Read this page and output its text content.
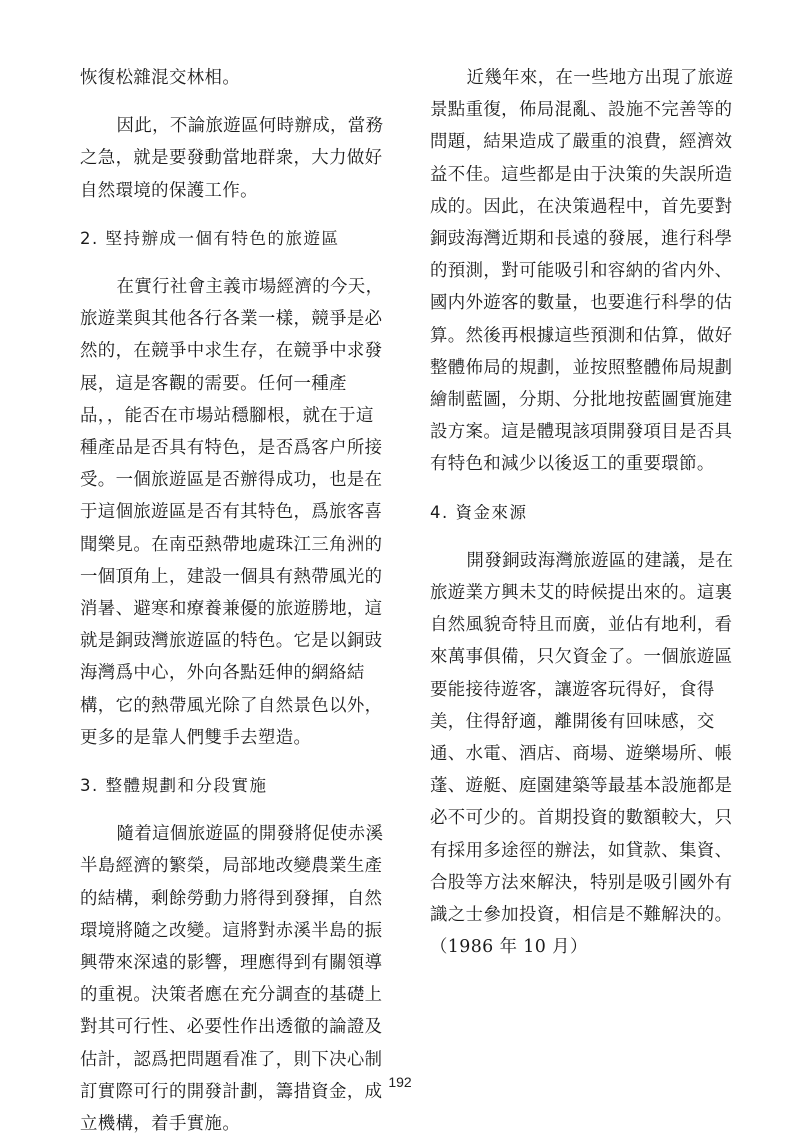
恢復松雜混交林相。

因此，不論旅遊區何時辦成，當務
之急，就是要發動當地群衆，大力做好
自然環境的保護工作。

2. 堅持辦成一個有特色的旅遊區

在實行社會主義市場經濟的今天，
旅遊業與其他各行各業一樣，競爭是必
然的，在競爭中求生存，在競爭中求發
展，這是客觀的需要。任何一種產
品，，能否在市場站穩腳根，就在于這
種產品是否具有特色，是否爲客户所接
受。一個旅遊區是否辦得成功，也是在
于這個旅遊區是否有其特色，爲旅客喜
聞樂見。在南亞熱帶地處珠江三角洲的
一個頂角上，建設一個具有熱帶風光的
消暑、避寒和療養兼優的旅遊勝地，這
就是銅豉灣旅遊區的特色。它是以銅豉
海灣爲中心，外向各點廷伸的網絡結
構，它的熱帶風光除了自然景色以外，
更多的是靠人們雙手去塑造。

3. 整體規劃和分段實施

隨着這個旅遊區的開發將促使赤溪
半島經濟的繁榮，局部地改變農業生產
的結構，剩餘勞動力將得到發揮，自然
環境將隨之改變。這將對赤溪半島的振
興帶來深遠的影響，理應得到有關領導
的重視。決策者應在充分調查的基礎上
對其可行性、必要性作出透徹的論證及
估計，認爲把問題看准了，則下决心制
訂實際可行的開發計劃，籌措資金，成
立機構，着手實施。

近幾年來，在一些地方出現了旅遊
景點重復，佈局混亂、設施不完善等的
問題，結果造成了嚴重的浪費，經濟效
益不佳。這些都是由于決策的失誤所造
成的。因此，在決策過程中，首先要對
銅豉海灣近期和長遠的發展，進行科學
的預測，對可能吸引和容納的省内外、
國内外遊客的數量，也要進行科學的估
算。然後再根據這些預測和估算，做好
整體佈局的規劃，並按照整體佈局規劃
繪制藍圖，分期、分批地按藍圖實施建
設方案。這是體現該項開發項目是否具
有特色和減少以後返工的重要環節。

4. 資金來源

開發銅豉海灣旅遊區的建議，是在
旅遊業方興未艾的時候提出來的。這裏
自然風貌奇特且而廣，並佔有地利，看
來萬事俱備，只欠資金了。一個旅遊區
要能接待遊客，讓遊客玩得好，食得
美，住得舒適，離開後有回味感，交
通、水電、酒店、商場、遊樂場所、帳
蓬、遊艇、庭園建築等最基本設施都是
必不可少的。首期投資的數額較大，只
有採用多途徑的辦法，如貸款、集資、
合股等方法來解決，特别是吸引國外有
識之士參加投資，相信是不難解決的。
（1986 年 10 月）

192
